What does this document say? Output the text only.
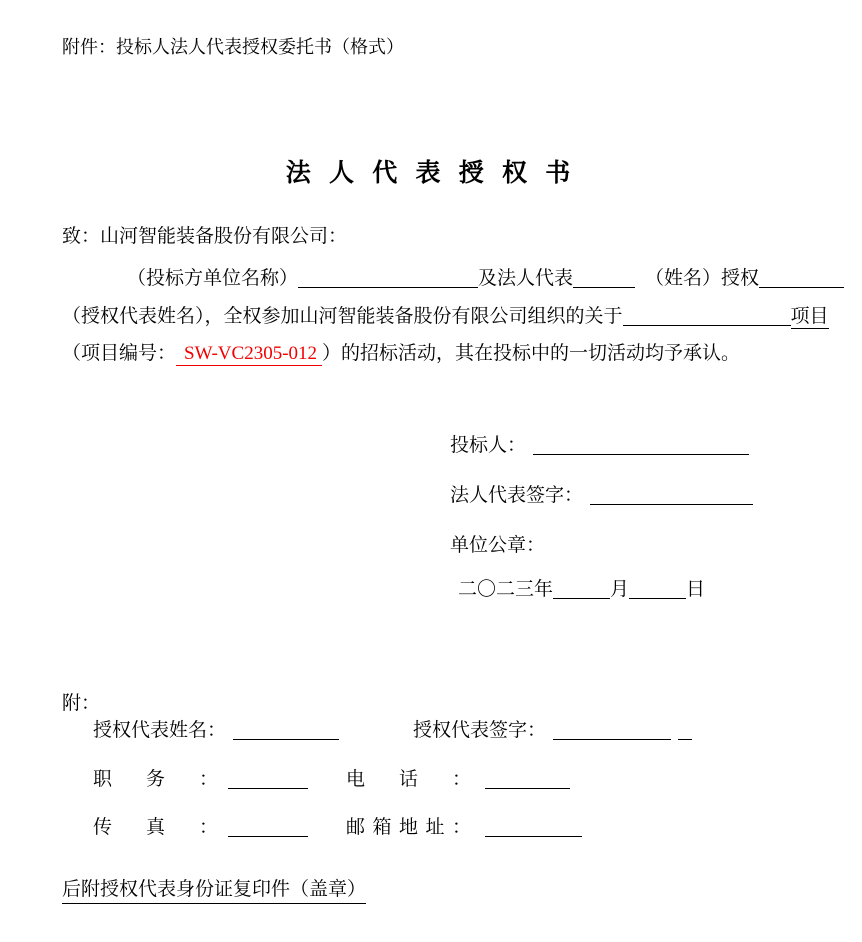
附件：投标人法人代表授权委托书（格式）
法 人 代 表 授 权 书
致：山河智能装备股份有限公司：
（投标方单位名称）	及法人代表	（姓名）授权
（授权代表姓名），全权参加山河智能装备股份有限公司组织的关于	项目
（项目编号： SW-VC2305-012 ）的招标活动，其在投标中的一切活动均予承认。
投标人：
法人代表签字：
单位公章：
二〇二三年	月	日
附：
授权代表姓名：	授权代表签字：
职务：	电话：
传真：	邮箱地址：
后附授权代表身份证复印件（盖章）
